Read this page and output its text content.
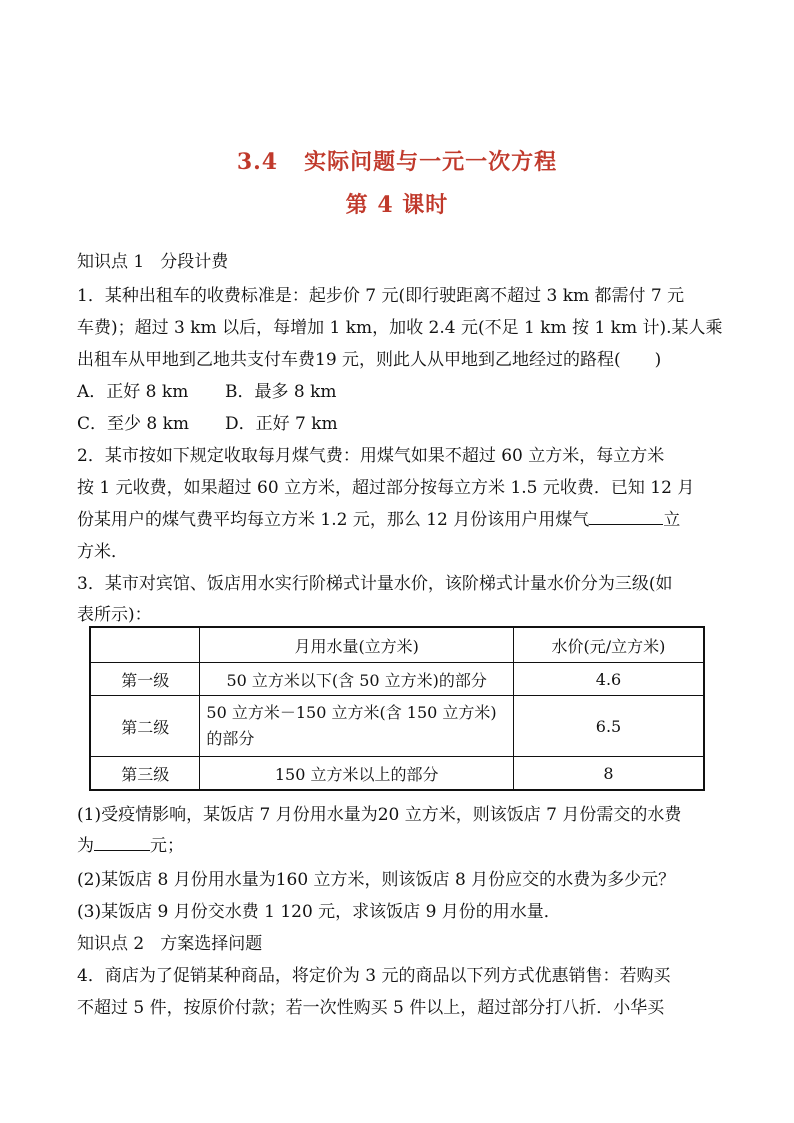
3.4 实际问题与一元一次方程
第 4 课时
知识点 1 分段计费
1．某种出租车的收费标准是：起步价 7 元(即行驶距离不超过 3 km 都需付 7 元
车费)；超过 3 km 以后，每增加 1 km，加收 2.4 元(不足 1 km 按 1 km 计).某人乘
出租车从甲地到乙地共支付车费19 元，则此人从甲地到乙地经过的路程(　　)
A．正好 8 km B．最多 8 km
C．至少 8 km D．正好 7 km
2．某市按如下规定收取每月煤气费：用煤气如果不超过 60 立方米，每立方米
按 1 元收费，如果超过 60 立方米，超过部分按每立方米 1.5 元收费．已知 12 月
份某用户的煤气费平均每立方米 1.2 元，那么 12 月份该用户用煤气	立
方米．
3．某市对宾馆、饭店用水实行阶梯式计量水价，该阶梯式计量水价分为三级(如
表所示)：
	月用水量(立方米)	水价(元/立方米)
第一级	50 立方米以下(含 50 立方米)的部分	4.6
第二级	50 立方米－150 立方米(含 150 立方米)
的部分	6.5
第三级	150 立方米以上的部分	8
(1)受疫情影响，某饭店 7 月份用水量为20 立方米，则该饭店 7 月份需交的水费
为	元；
(2)某饭店 8 月份用水量为160 立方米，则该饭店 8 月份应交的水费为多少元？
(3)某饭店 9 月份交水费 1 120 元，求该饭店 9 月份的用水量．
知识点 2 方案选择问题
4．商店为了促销某种商品，将定价为 3 元的商品以下列方式优惠销售：若购买
不超过 5 件，按原价付款；若一次性购买 5 件以上，超过部分打八折．小华买
